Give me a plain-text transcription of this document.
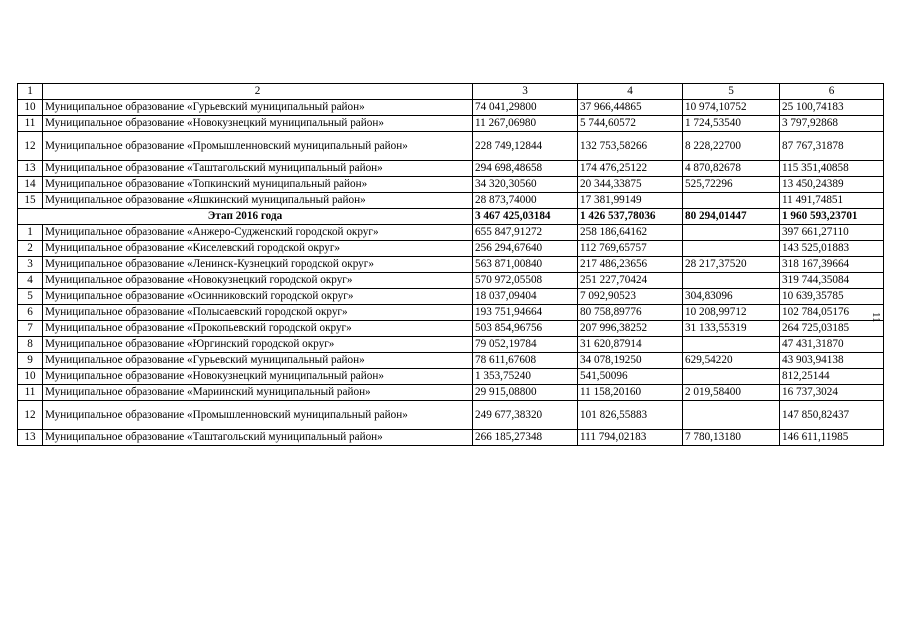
11
1	2	3	4	5	6
10	Муниципальное образование «Гурьевский муниципальный район»	74 041,29800	37 966,44865	10 974,10752	25 100,74183
11	Муниципальное образование «Новокузнецкий муниципальный район»	11 267,06980	5 744,60572	1 724,53540	3 797,92868
12	Муниципальное образование «Промышленновский муниципальный район»	228 749,12844	132 753,58266	8 228,22700	87 767,31878
13	Муниципальное образование «Таштагольский муниципальный район»	294 698,48658	174 476,25122	4 870,82678	115 351,40858
14	Муниципальное образование «Топкинский муниципальный район»	34 320,30560	20 344,33875	525,72296	13 450,24389
15	Муниципальное образование «Яшкинский муниципальный район»	28 873,74000	17 381,99149		11 491,74851
Этап 2016 года		3 467 425,03184	1 426 537,78036	80 294,01447	1 960 593,23701
1	Муниципальное образование «Анжеро-Судженский городской округ»	655 847,91272	258 186,64162		397 661,27110
2	Муниципальное образование «Киселевский городской округ»	256 294,67640	112 769,65757		143 525,01883
3	Муниципальное образование «Ленинск-Кузнецкий городской округ»	563 871,00840	217 486,23656	28 217,37520	318 167,39664
4	Муниципальное образование «Новокузнецкий городской округ»	570 972,05508	251 227,70424		319 744,35084
5	Муниципальное образование «Осинниковский городской округ»	18 037,09404	7 092,90523	304,83096	10 639,35785
6	Муниципальное образование «Полысаевский городской округ»	193 751,94664	80 758,89776	10 208,99712	102 784,05176
7	Муниципальное образование «Прокопьевский городской округ»	503 854,96756	207 996,38252	31 133,55319	264 725,03185
8	Муниципальное образование «Юргинский городской округ»	79 052,19784	31 620,87914		47 431,31870
9	Муниципальное образование «Гурьевский муниципальный район»	78 611,67608	34 078,19250	629,54220	43 903,94138
10	Муниципальное образование «Новокузнецкий муниципальный район»	1 353,75240	541,50096		812,25144
11	Муниципальное образование «Мариинский муниципальный район»	29 915,08800	11 158,20160	2 019,58400	16 737,3024
12	Муниципальное образование «Промышленновский муниципальный район»	249 677,38320	101 826,55883		147 850,82437
13	Муниципальное образование «Таштагольский муниципальный район»	266 185,27348	111 794,02183	7 780,13180	146 611,11985
